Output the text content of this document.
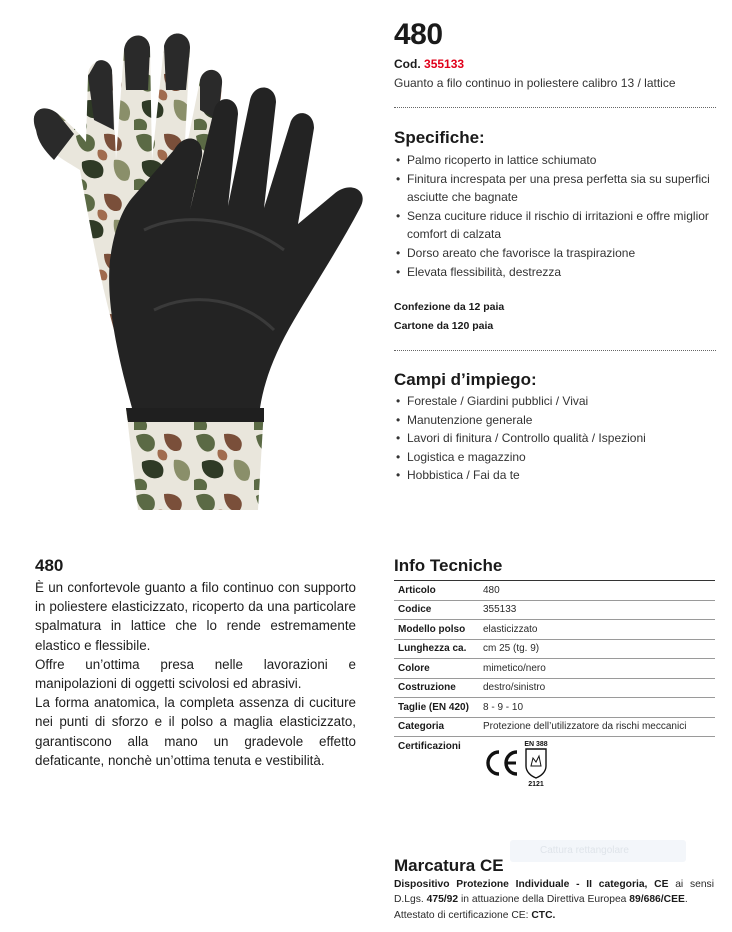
480
Cod. 355133
Guanto a filo continuo in poliestere calibro 13 / lattice
Specifiche:
• Palmo ricoperto in lattice schiumato
• Finitura increspata per una presa perfetta sia su superfici asciutte che bagnate
• Senza cuciture riduce il rischio di irritazioni e offre miglior comfort di calzata
• Dorso areato che favorisce la traspirazione
• Elevata flessibilità, destrezza
Confezione da 12 paia
Cartone da 120 paia
Campi d’impiego:
• Forestale / Giardini pubblici / Vivai
• Manutenzione generale
• Lavori di finitura / Controllo qualità / Ispezioni
• Logistica e magazzino
• Hobbistica / Fai da te
480

È un confortevole guanto a filo continuo con supporto in poliestere elasticizzato, ricoperto da una particolare spalmatura in lattice che lo rende estremamente elastico e flessibile.

Offre un’ottima presa nelle lavorazioni e manipolazioni di oggetti scivolosi ed abrasivi.

La forma anatomica, la completa assenza di cuciture nei punti di sforzo e il polso a maglia elasticizzato, garantiscono alla mano un gradevole effetto defaticante, nonchè un’ottima tenuta e vestibilità.

Info Tecniche
Articolo	480
Codice	355133
Modello polso	elasticizzato
Lunghezza ca.	cm 25 (tg. 9)
Colore	mimetico/nero
Costruzione	destro/sinistro
Taglie (EN 420)	8 - 9 - 10
Categoria	Protezione dell’utilizzatore da rischi meccanici
Certificazioni		EN 388
2121
Cattura rettangolare
Marcatura CE
Dispositivo Protezione Individuale - II categoria, CE ai sensi D.Lgs. 475/92 in attuazione della Direttiva Europea 89/686/CEE.
Attestato di certificazione CE: CTC.
